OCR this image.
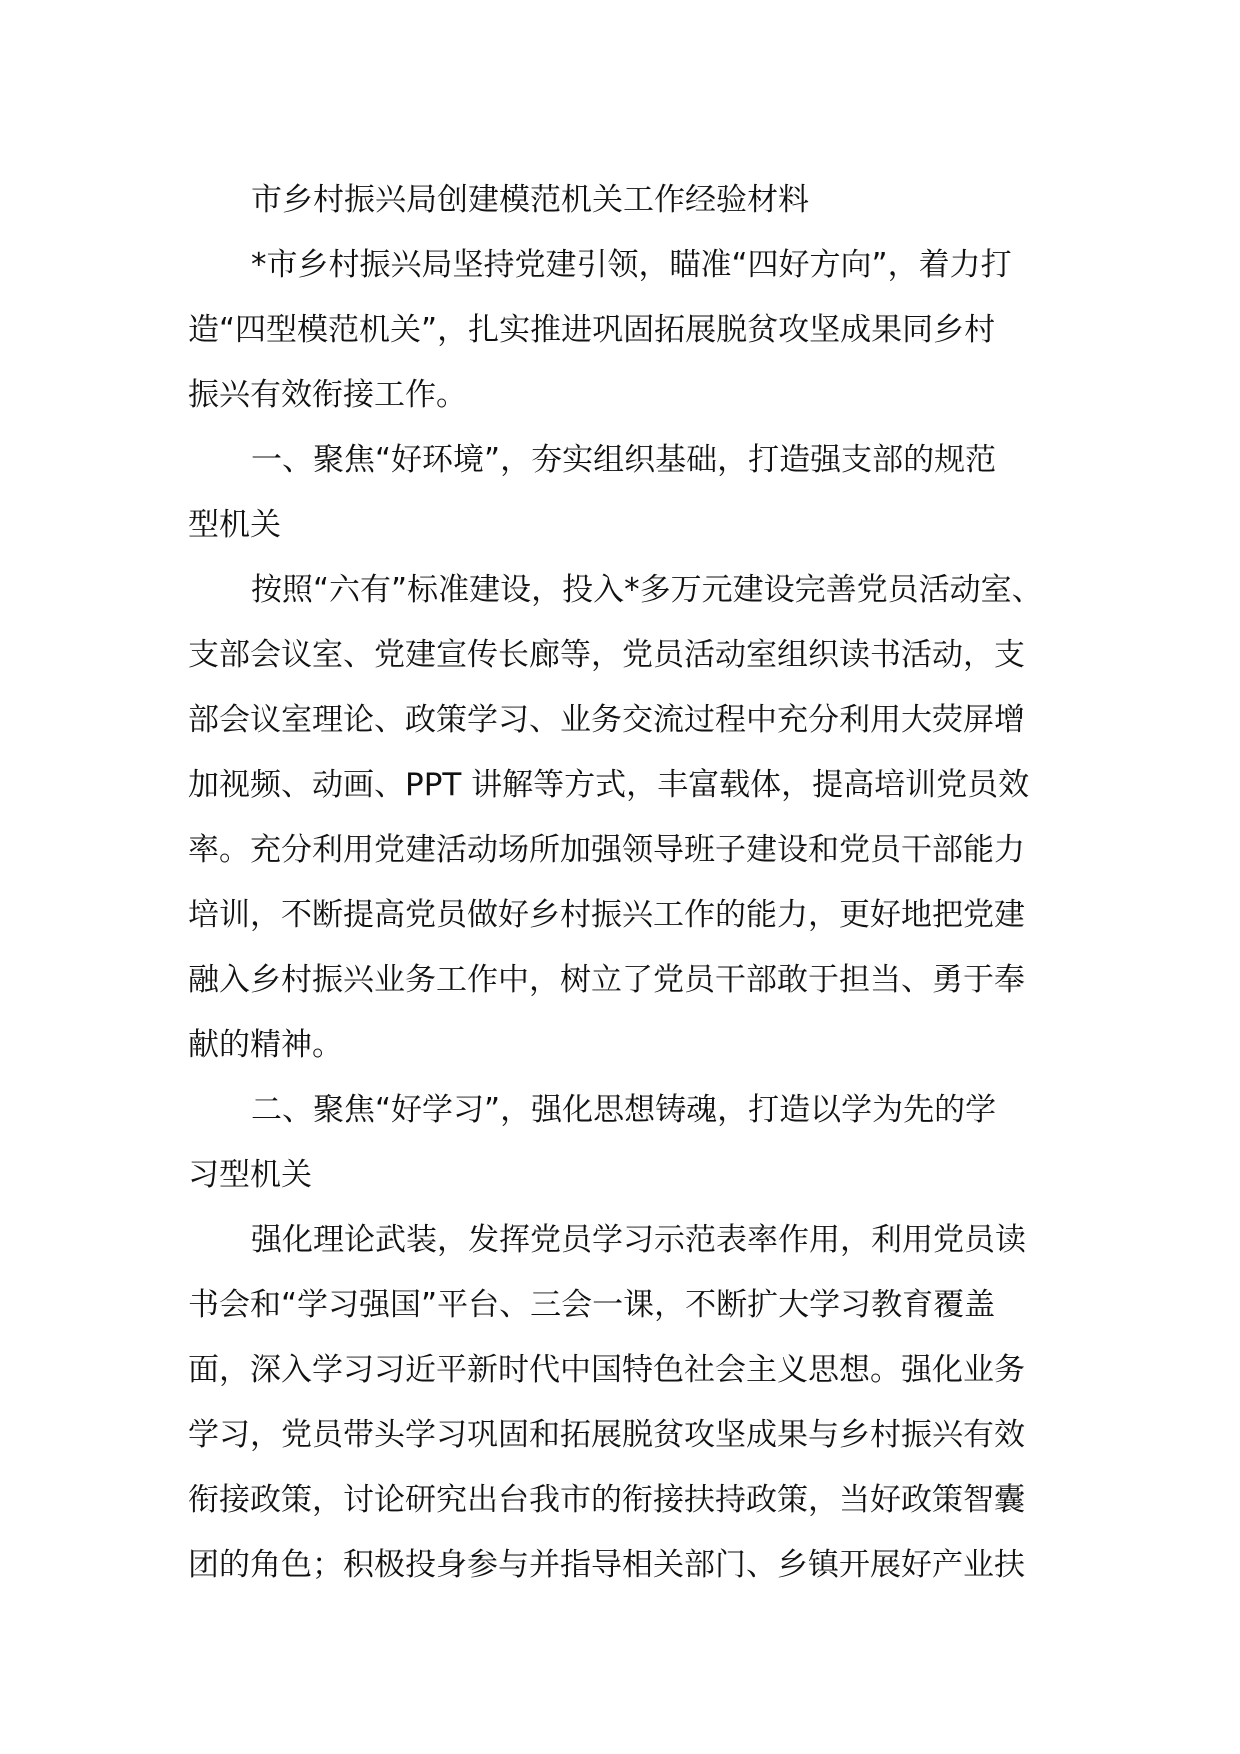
市乡村振兴局创建模范机关工作经验材料
*市乡村振兴局坚持党建引领，瞄准“四好方向”，着力打
造“四型模范机关”，扎实推进巩固拓展脱贫攻坚成果同乡村
振兴有效衔接工作。
一、聚焦“好环境”，夯实组织基础，打造强支部的规范
型机关
按照“六有”标准建设，投入*多万元建设完善党员活动室、
支部会议室、党建宣传长廊等，党员活动室组织读书活动，支
部会议室理论、政策学习、业务交流过程中充分利用大荧屏增
加视频、动画、PPT 讲解等方式，丰富载体，提高培训党员效
率。充分利用党建活动场所加强领导班子建设和党员干部能力
培训，不断提高党员做好乡村振兴工作的能力，更好地把党建
融入乡村振兴业务工作中，树立了党员干部敢于担当、勇于奉
献的精神。
二、聚焦“好学习”，强化思想铸魂，打造以学为先的学
习型机关
强化理论武装，发挥党员学习示范表率作用，利用党员读
书会和“学习强国”平台、三会一课，不断扩大学习教育覆盖
面，深入学习习近平新时代中国特色社会主义思想。强化业务
学习，党员带头学习巩固和拓展脱贫攻坚成果与乡村振兴有效
衔接政策，讨论研究出台我市的衔接扶持政策，当好政策智囊
团的角色；积极投身参与并指导相关部门、乡镇开展好产业扶
